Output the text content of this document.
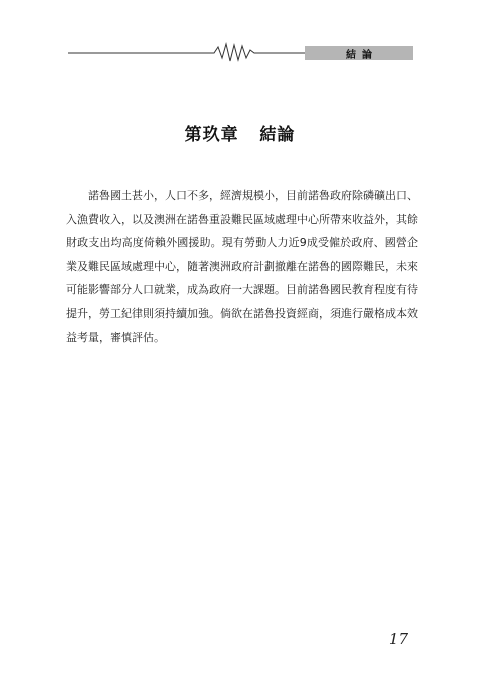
結論
第玖章   結論

諾魯國土甚小，人口不多，經濟規模小，目前諾魯政府除磷礦出口、入漁費收入，以及澳洲在諾魯重設難民區域處理中心所帶來收益外，其餘財政支出均高度倚賴外國援助。現有勞動人力近9成受僱於政府、國營企業及難民區域處理中心，隨著澳洲政府計劃撤離在諾魯的國際難民，未來可能影響部分人口就業，成為政府一大課題。目前諾魯國民教育程度有待提升，勞工紀律則須持續加強。倘欲在諾魯投資經商，須進行嚴格成本效益考量，審慎評估。

17
